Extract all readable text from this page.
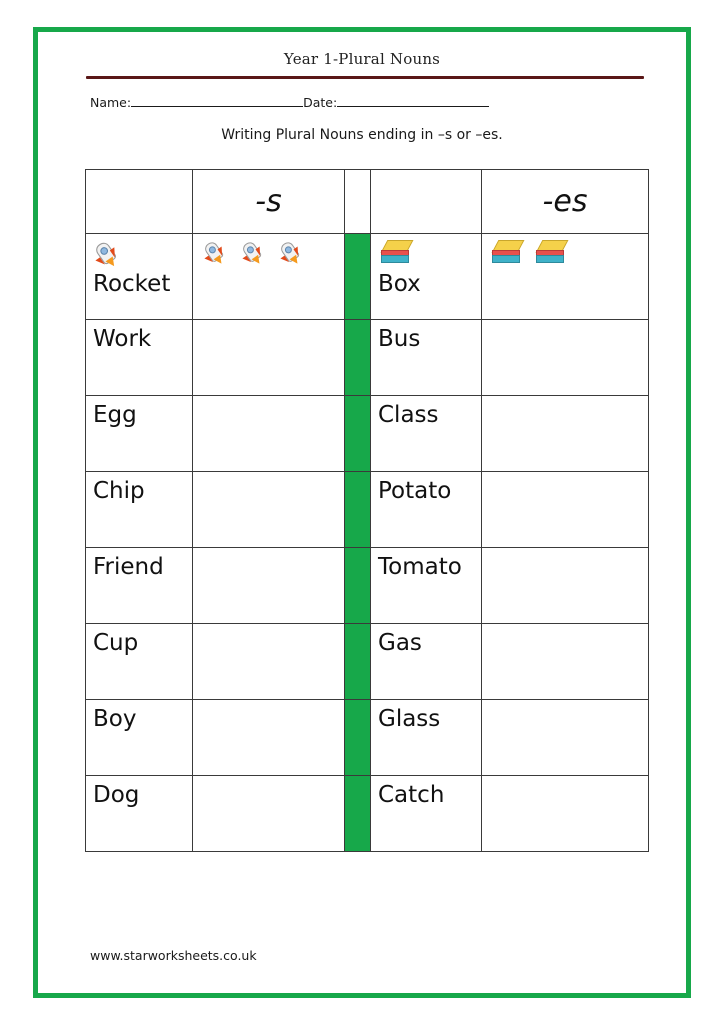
Year 1-Plural Nouns
Name:	Date:
Writing Plural Nouns ending in –s or –es.
	-s			-es

Rocket			Box	

Work			Bus	

Egg			Class	

Chip			Potato	

Friend			Tomato	

Cup			Gas	

Boy			Glass	

Dog			Catch	

www.starworksheets.co.uk
